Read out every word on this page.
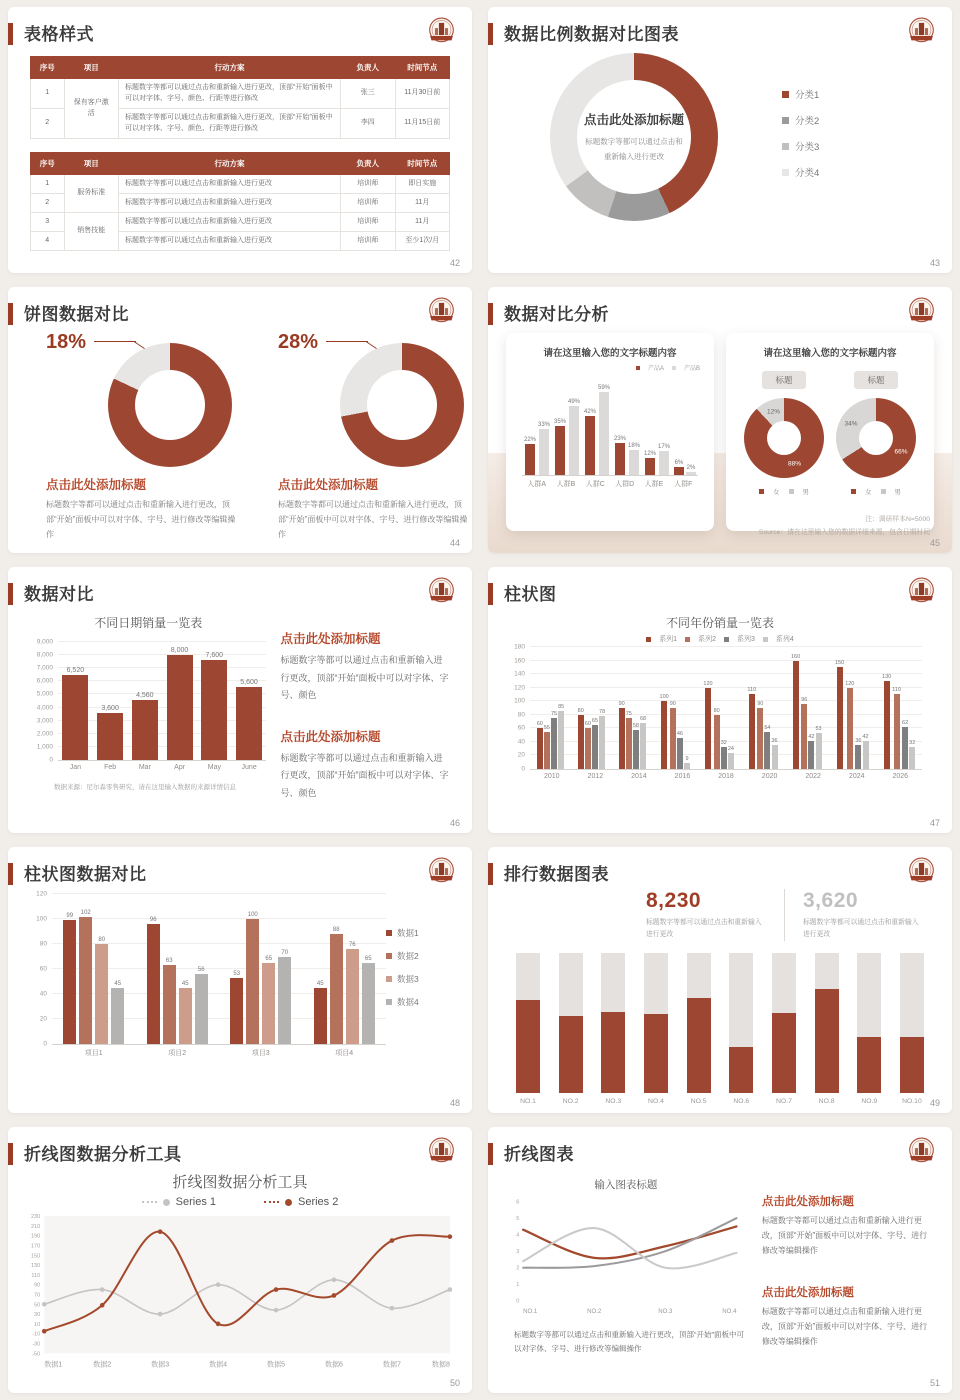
表格样式
序号	项目	行动方案	负责人	时间节点
1	保有客户激活	标题数字等都可以通过点击和重新输入进行更改，顶部“开始”面板中可以对字体、字号、颜色、行距等进行修改	张三	11月30日前
2		标题数字等都可以通过点击和重新输入进行更改，顶部“开始”面板中可以对字体、字号、颜色、行距等进行修改	李四	11月15日前
序号	项目	行动方案	负责人	时间节点
1	服务标准	标题数字等都可以通过点击和重新输入进行更改	培训师	即日实施
2		标题数字等都可以通过点击和重新输入进行更改	培训师	11月
3	销售技能	标题数字等都可以通过点击和重新输入进行更改	培训师	11月
4		标题数字等都可以通过点击和重新输入进行更改	培训师	至少1次/月
42
数据比例数据对比图表
点击此处添加标题
标题数字等都可以通过点击和重新输入进行更改
分类1
分类2
分类3
分类4
43
饼图数据对比
18%
点击此处添加标题

标题数字等都可以通过点击和重新输入进行更改，顶部“开始”面板中可以对字体、字号、进行修改等编辑操作

28%
点击此处添加标题

标题数字等都可以通过点击和重新输入进行更改，顶部“开始”面板中可以对字体、字号、进行修改等编辑操作

44
数据对比分析
请在这里输入您的文字标题内容
产品A	产品B
22%
33% 35%
49%
42%
59%
23%
18%
12%
17%
6%
2%
人群A	人群B	人群C	人群D	人群E	人群F
请在这里输入您的文字标题内容
标题
88%
12%
女	男
标题
66%
34%
女	男
注：调研样本N=5000
Source：请在这里输入您的数据详细来源，包含日期时间
45
数据对比
不同日期销量一览表
0
1,000
2,000
3,000
4,000
5,000
6,000
7,000
8,000
9,000
6,520
3,600
4,560
8,000
7,600
5,600
Jan	Feb	Mar	Apr	May	June

数据来源：尼尔森零售研究，请在这里输入数据的来源详情信息

点击此处添加标题

标题数字等都可以通过点击和重新输入进行更改，顶部“开始”面板中可以对字体、字号、颜色

点击此处添加标题

标题数字等都可以通过点击和重新输入进行更改，顶部“开始”面板中可以对字体、字号、颜色

46
柱状图
不同年份销量一览表
系列1	系列2	系列3	系列4
0
20
40
60
80
100
120
140
160
180
60
55
75
85
80
60
65
78
90
75
58
68
100
90
46
9
120
80
32
24
110
90
54
36
160
96
42
53
150
120
36
42
130
110
62
32
2010	2012	2014	2016	2018	2020	2022	2024	2026
47
柱状图数据对比
0
20
40
60
80
100
120
99
102
80
45
96
63
45
56
53
100
65
70
45
88
76
65
项目1	项目2	项目3	项目4
数据1
数据2
数据3
数据4
48
排行数据图表

8,230

标题数字等都可以通过点击和重新输入进行更改

3,620

标题数字等都可以通过点击和重新输入进行更改

NO.1	NO.2	NO.3	NO.4	NO.5	NO.6	NO.7	NO.8	NO.9	NO.10 49
折线图数据分析工具
折线图数据分析工具
Series 1	Series 2
230
210
190
170
150
130
110
90
70
50
30
10
-10
-30
-50
数据1	数据2	数据3	数据4	数据5	数据6	数据7	数据8
50
折线图表
输入图表标题
6
5
4
3
2
1
0
NO.1	NO.2	NO.3	NO.4

标题数字等都可以通过点击和重新输入进行更改，顶部“开始”面板中可以对字体、字号、进行修改等编辑操作

点击此处添加标题

标题数字等都可以通过点击和重新输入进行更改，顶部“开始”面板中可以对字体、字号、进行修改等编辑操作

点击此处添加标题

标题数字等都可以通过点击和重新输入进行更改，顶部“开始”面板中可以对字体、字号、进行修改等编辑操作

51
